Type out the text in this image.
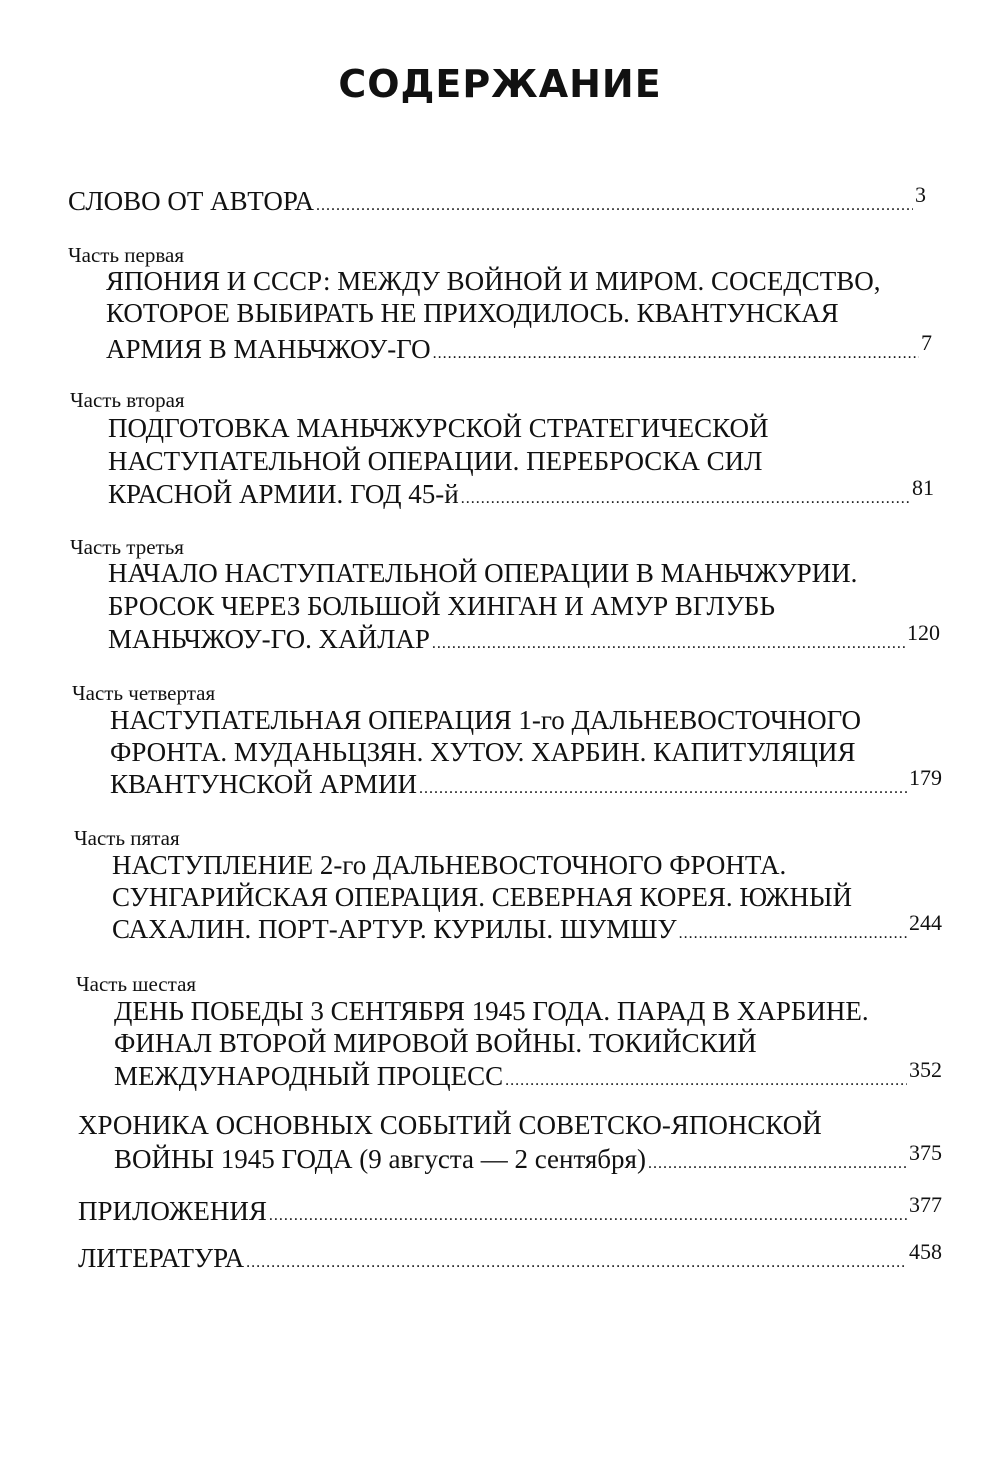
СОДЕРЖАНИЕ
СЛОВО ОТ АВТОРА .....	3
Часть первая
ЯПОНИЯ И СССР: МЕЖДУ ВОЙНОЙ И МИРОМ. СОСЕДСТВО,
КОТОРОЕ ВЫБИРАТЬ НЕ ПРИХОДИЛОСЬ. КВАНТУНСКАЯ
АРМИЯ В МАНЬЧЖОУ-ГО .....	7
Часть вторая
ПОДГОТОВКА МАНЬЧЖУРСКОЙ СТРАТЕГИЧЕСКОЙ
НАСТУПАТЕЛЬНОЙ ОПЕРАЦИИ. ПЕРЕБРОСКА СИЛ
КРАСНОЙ АРМИИ. ГОД 45-й .....	81
Часть третья
НАЧАЛО НАСТУПАТЕЛЬНОЙ ОПЕРАЦИИ В МАНЬЧЖУРИИ.
БРОСОК ЧЕРЕЗ БОЛЬШОЙ ХИНГАН И АМУР ВГЛУБЬ
МАНЬЧЖОУ-ГО. ХАЙЛАР .....	120
Часть четвертая
НАСТУПАТЕЛЬНАЯ ОПЕРАЦИЯ 1-го ДАЛЬНЕВОСТОЧНОГО
ФРОНТА. МУДАНЬЦЗЯН. ХУТОУ. ХАРБИН. КАПИТУЛЯЦИЯ
КВАНТУНСКОЙ АРМИИ .....	179
Часть пятая
НАСТУПЛЕНИЕ 2-го ДАЛЬНЕВОСТОЧНОГО ФРОНТА.
СУНГАРИЙСКАЯ ОПЕРАЦИЯ. СЕВЕРНАЯ КОРЕЯ. ЮЖНЫЙ
САХАЛИН. ПОРТ-АРТУР. КУРИЛЫ. ШУМШУ .....	244
Часть шестая
ДЕНЬ ПОБЕДЫ 3 СЕНТЯБРЯ 1945 ГОДА. ПАРАД В ХАРБИНЕ.
ФИНАЛ ВТОРОЙ МИРОВОЙ ВОЙНЫ. ТОКИЙСКИЙ
МЕЖДУНАРОДНЫЙ ПРОЦЕСС .....	352
ХРОНИКА ОСНОВНЫХ СОБЫТИЙ СОВЕТСКО-ЯПОНСКОЙ
ВОЙНЫ 1945 ГОДА (9 августа — 2 сентября) .....	375
ПРИЛОЖЕНИЯ .....	377
ЛИТЕРАТУРА .....	458
